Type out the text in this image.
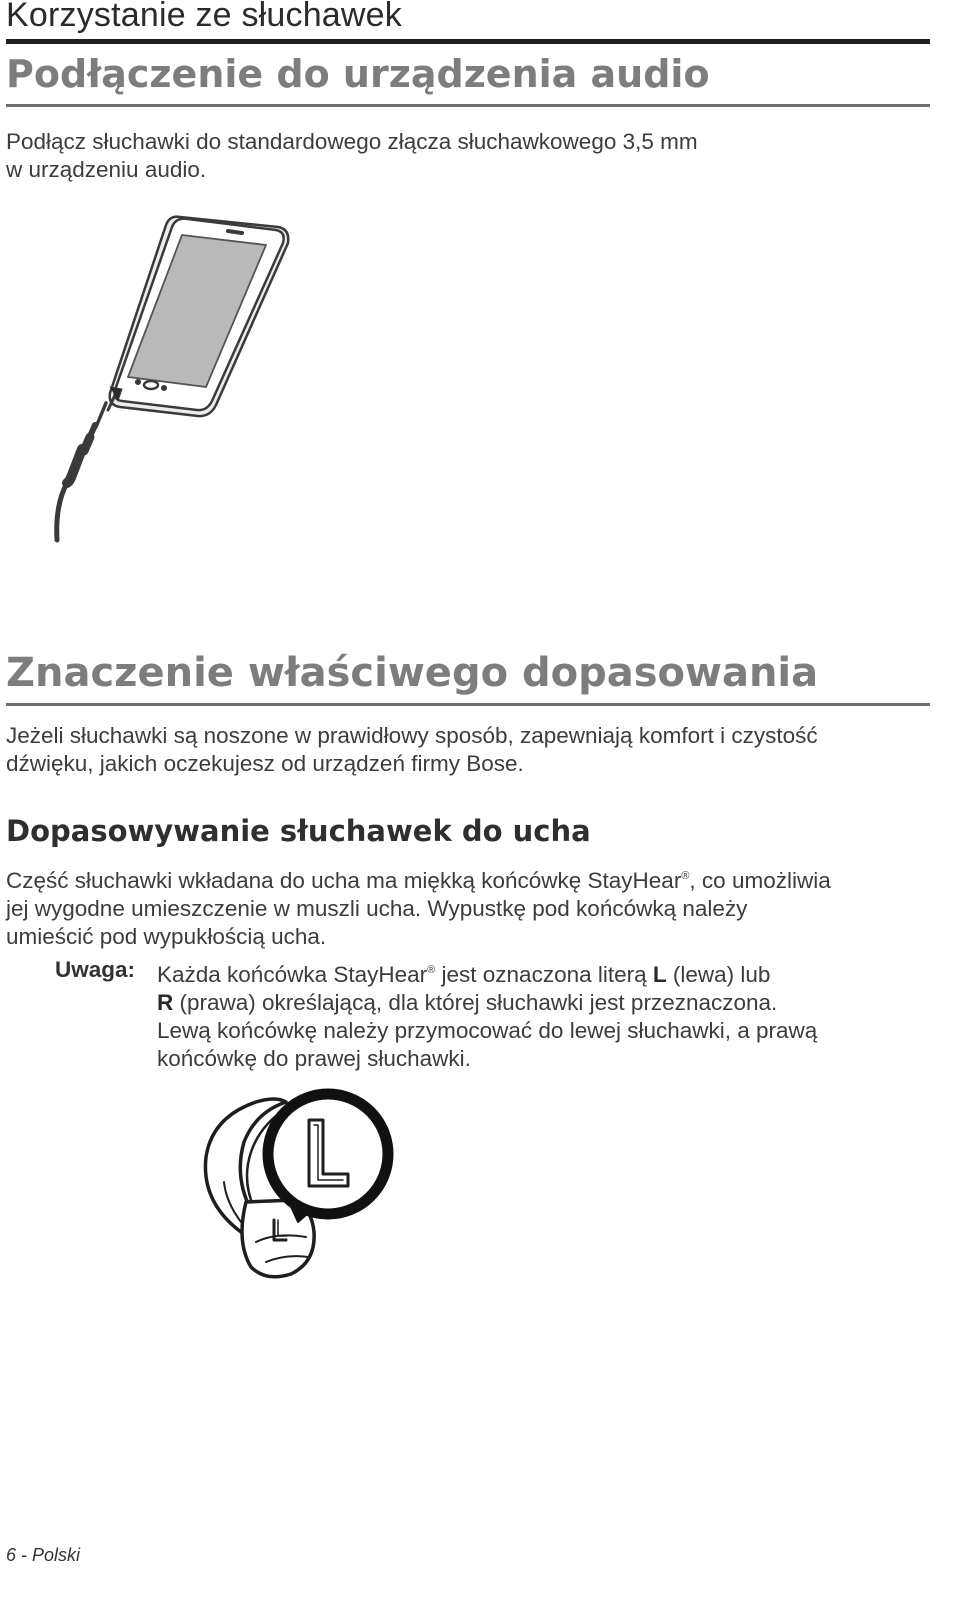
Korzystanie ze słuchawek
Podłączenie do urządzenia audio
Podłącz słuchawki do standardowego złącza słuchawkowego 3,5 mm
w urządzeniu audio.
Znaczenie właściwego dopasowania
Jeżeli słuchawki są noszone w prawidłowy sposób, zapewniają komfort i czystość
dźwięku, jakich oczekujesz od urządzeń firmy Bose.
Dopasowywanie słuchawek do ucha
Część słuchawki wkładana do ucha ma miękką końcówkę StayHear®, co umożliwia
jej wygodne umieszczenie w muszli ucha. Wypustkę pod końcówką należy
umieścić pod wypukłością ucha.
Uwaga: Każda końcówka StayHear® jest oznaczona literą L (lewa) lub
R (prawa) określającą, dla której słuchawki jest przeznaczona.
Lewą końcówkę należy przymocować do lewej słuchawki, a prawą
końcówkę do prawej słuchawki.
6 - Polski
